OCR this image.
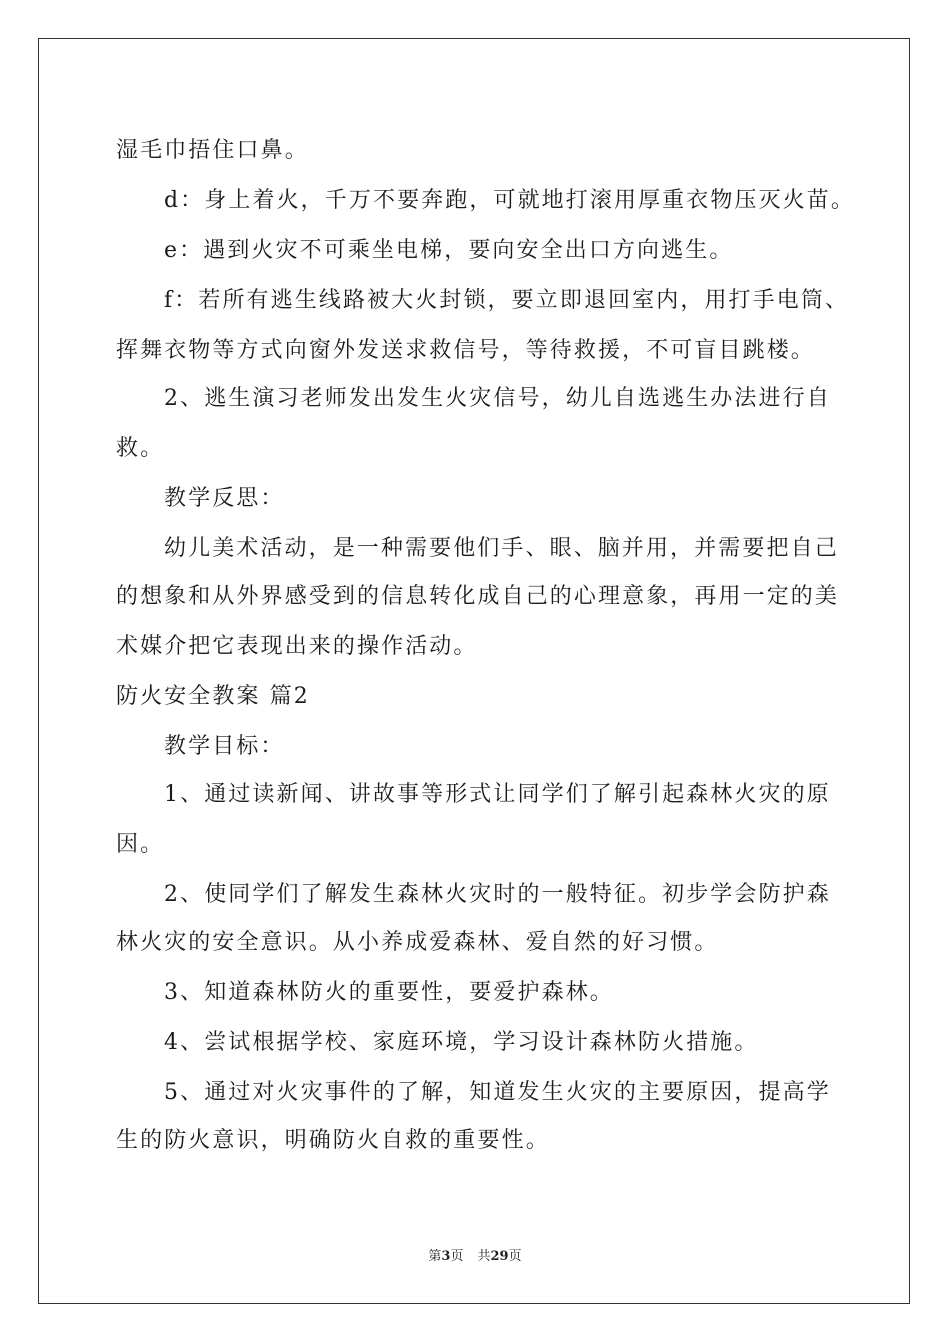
湿毛巾捂住口鼻。
d：身上着火，千万不要奔跑，可就地打滚用厚重衣物压灭火苗。
e：遇到火灾不可乘坐电梯，要向安全出口方向逃生。
f：若所有逃生线路被大火封锁，要立即退回室内，用打手电筒、
挥舞衣物等方式向窗外发送求救信号，等待救援，不可盲目跳楼。
2、逃生演习老师发出发生火灾信号，幼儿自选逃生办法进行自
救。
教学反思：
幼儿美术活动，是一种需要他们手、眼、脑并用，并需要把自己
的想象和从外界感受到的信息转化成自己的心理意象，再用一定的美
术媒介把它表现出来的操作活动。
防火安全教案 篇2
教学目标：
1、通过读新闻、讲故事等形式让同学们了解引起森林火灾的原
因。
2、使同学们了解发生森林火灾时的一般特征。初步学会防护森
林火灾的安全意识。从小养成爱森林、爱自然的好习惯。
3、知道森林防火的重要性，要爱护森林。
4、尝试根据学校、家庭环境，学习设计森林防火措施。
5、通过对火灾事件的了解，知道发生火灾的主要原因，提高学
生的防火意识，明确防火自救的重要性。
第3页 共29页
